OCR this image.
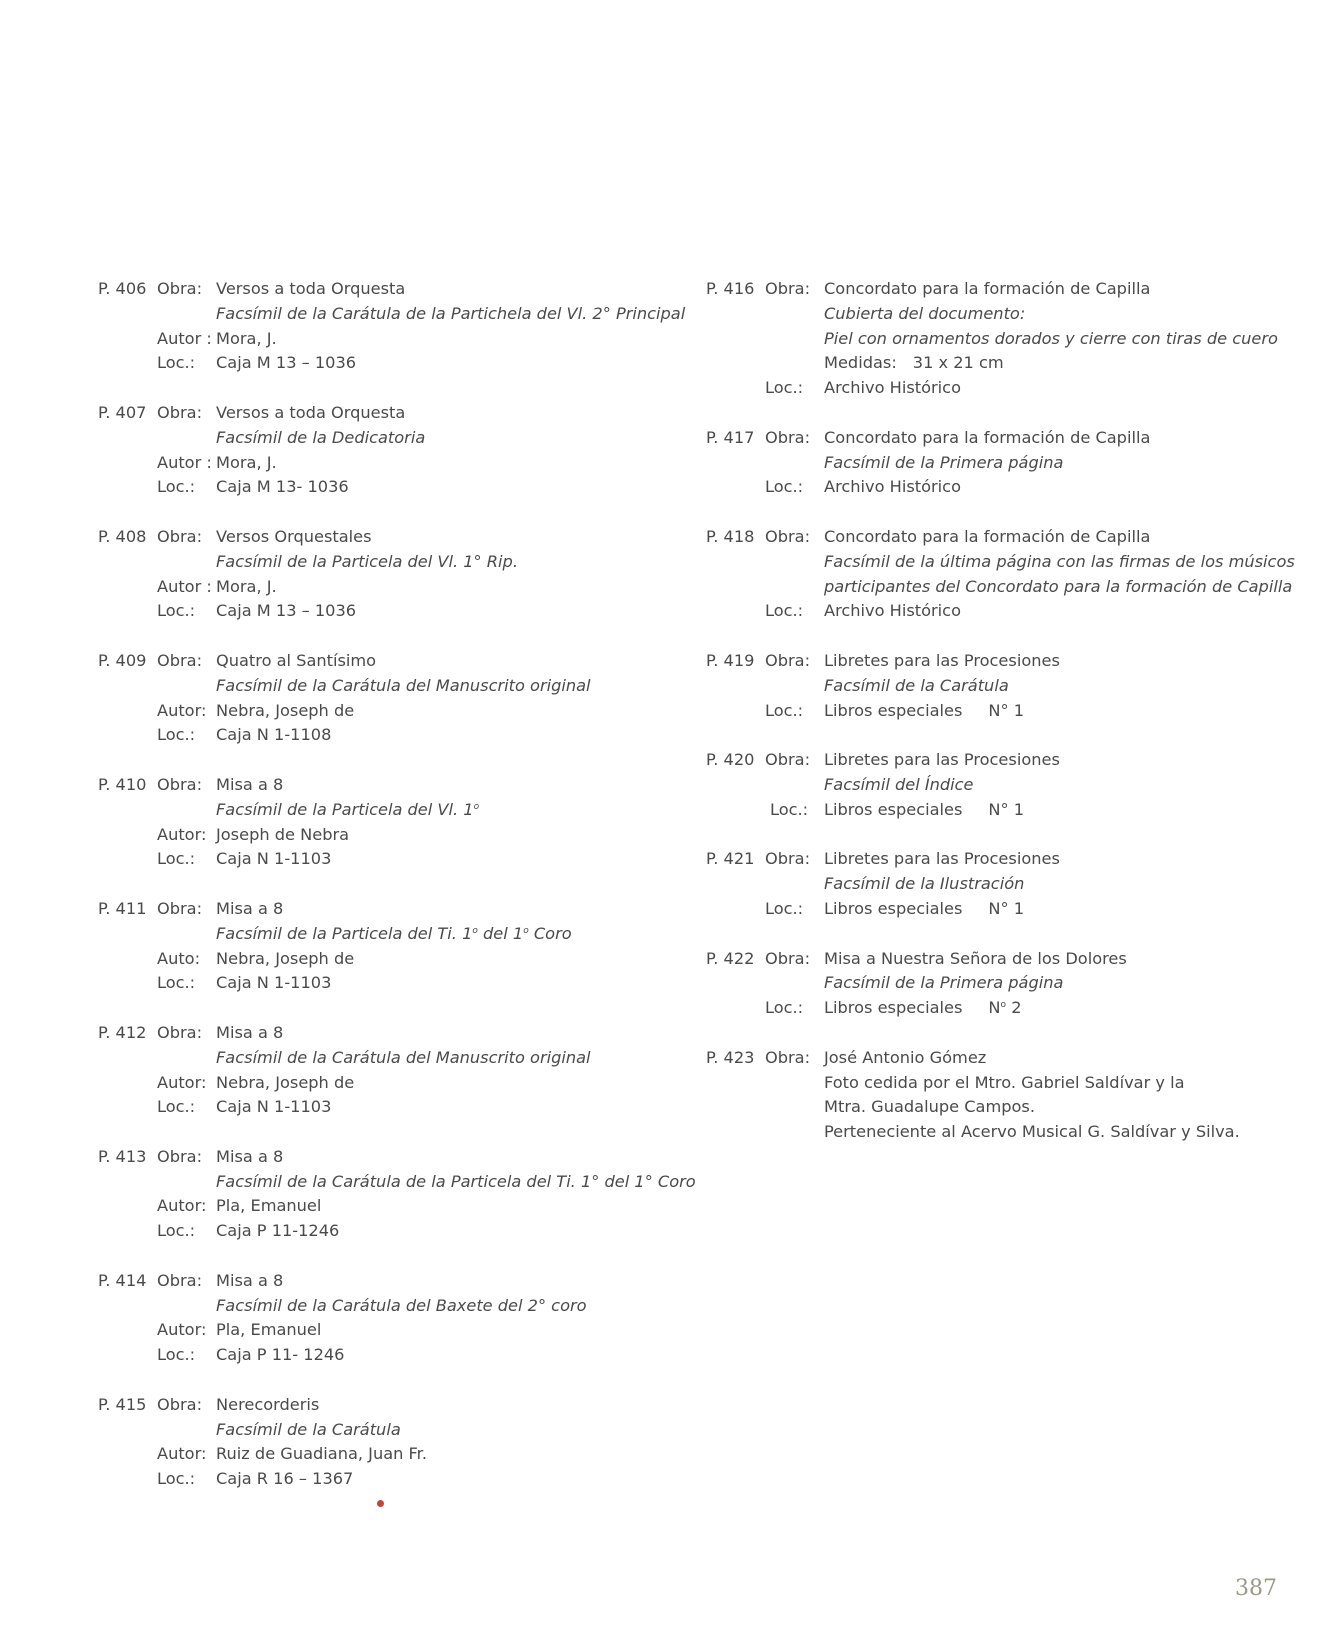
P. 406 Obra: Versos a toda Orquesta
Facsímil de la Carátula de la Partichela del Vl. 2° Principal
Autor : Mora, J.
Loc.:	Caja M 13 – 1036
P. 407 Obra: Versos a toda Orquesta
Facsímil de la Dedicatoria
Autor : Mora, J.
Loc.:	Caja M 13- 1036
P. 408 Obra: Versos Orquestales
Facsímil de la Particela del Vl. 1° Rip.
Autor : Mora, J.
Loc.:	Caja M 13 – 1036
P. 409 Obra: Quatro al Santísimo
Facsímil de la Carátula del Manuscrito original
Autor: Nebra, Joseph de
Loc.:	Caja N 1-1108
P. 410 Obra: Misa a 8
Facsímil de la Particela del Vl. 1$^o$
Autor: Joseph de Nebra
Loc.:	Caja N 1-1103
P. 411 Obra: Misa a 8
Facsímil de la Particela del Ti. 1$^o$ del 1$^o$ Coro
Auto: Nebra, Joseph de
Loc.:	Caja N 1-1103
P. 412 Obra: Misa a 8
Facsímil de la Carátula del Manuscrito original
Autor: Nebra, Joseph de
Loc.:	Caja N 1-1103
P. 413 Obra: Misa a 8
Facsímil de la Carátula de la Particela del Ti. 1° del 1° Coro
Autor: Pla, Emanuel
Loc.:	Caja P 11-1246
P. 414 Obra: Misa a 8
Facsímil de la Carátula del Baxete del 2° coro
Autor: Pla, Emanuel
Loc.:	Caja P 11- 1246
P. 415 Obra: Nerecorderis
Facsímil de la Carátula
Autor: Ruiz de Guadiana, Juan Fr.
Loc.:	Caja R 16 – 1367
P. 416 Obra: Concordato para la formación de Capilla
Cubierta del documento:
Piel con ornamentos dorados y cierre con tiras de cuero
Medidas: 31 x 21 cm
Loc.:	Archivo Histórico
P. 417 Obra: Concordato para la formación de Capilla
Facsímil de la Primera página
Loc.:	Archivo Histórico
P. 418 Obra: Concordato para la formación de Capilla
Facsímil de la última página con las firmas de los músicos
participantes del Concordato para la formación de Capilla
Loc.:	Archivo Histórico
P. 419 Obra: Libretes para las Procesiones
Facsímil de la Carátula
Loc.:	Libros especiales N° 1
P. 420 Obra: Libretes para las Procesiones
Facsímil del Índice
Loc.: Libros especiales N° 1
P. 421 Obra: Libretes para las Procesiones
Facsímil de la Ilustración
Loc.:	Libros especiales N° 1
P. 422 Obra: Misa a Nuestra Señora de los Dolores
Facsímil de la Primera página
Loc.:	Libros especiales $N^o$ 2
P. 423 Obra: José Antonio Gómez
Foto cedida por el Mtro. Gabriel Saldívar y la
Mtra. Guadalupe Campos.
Perteneciente al Acervo Musical G. Saldívar y Silva.
387
